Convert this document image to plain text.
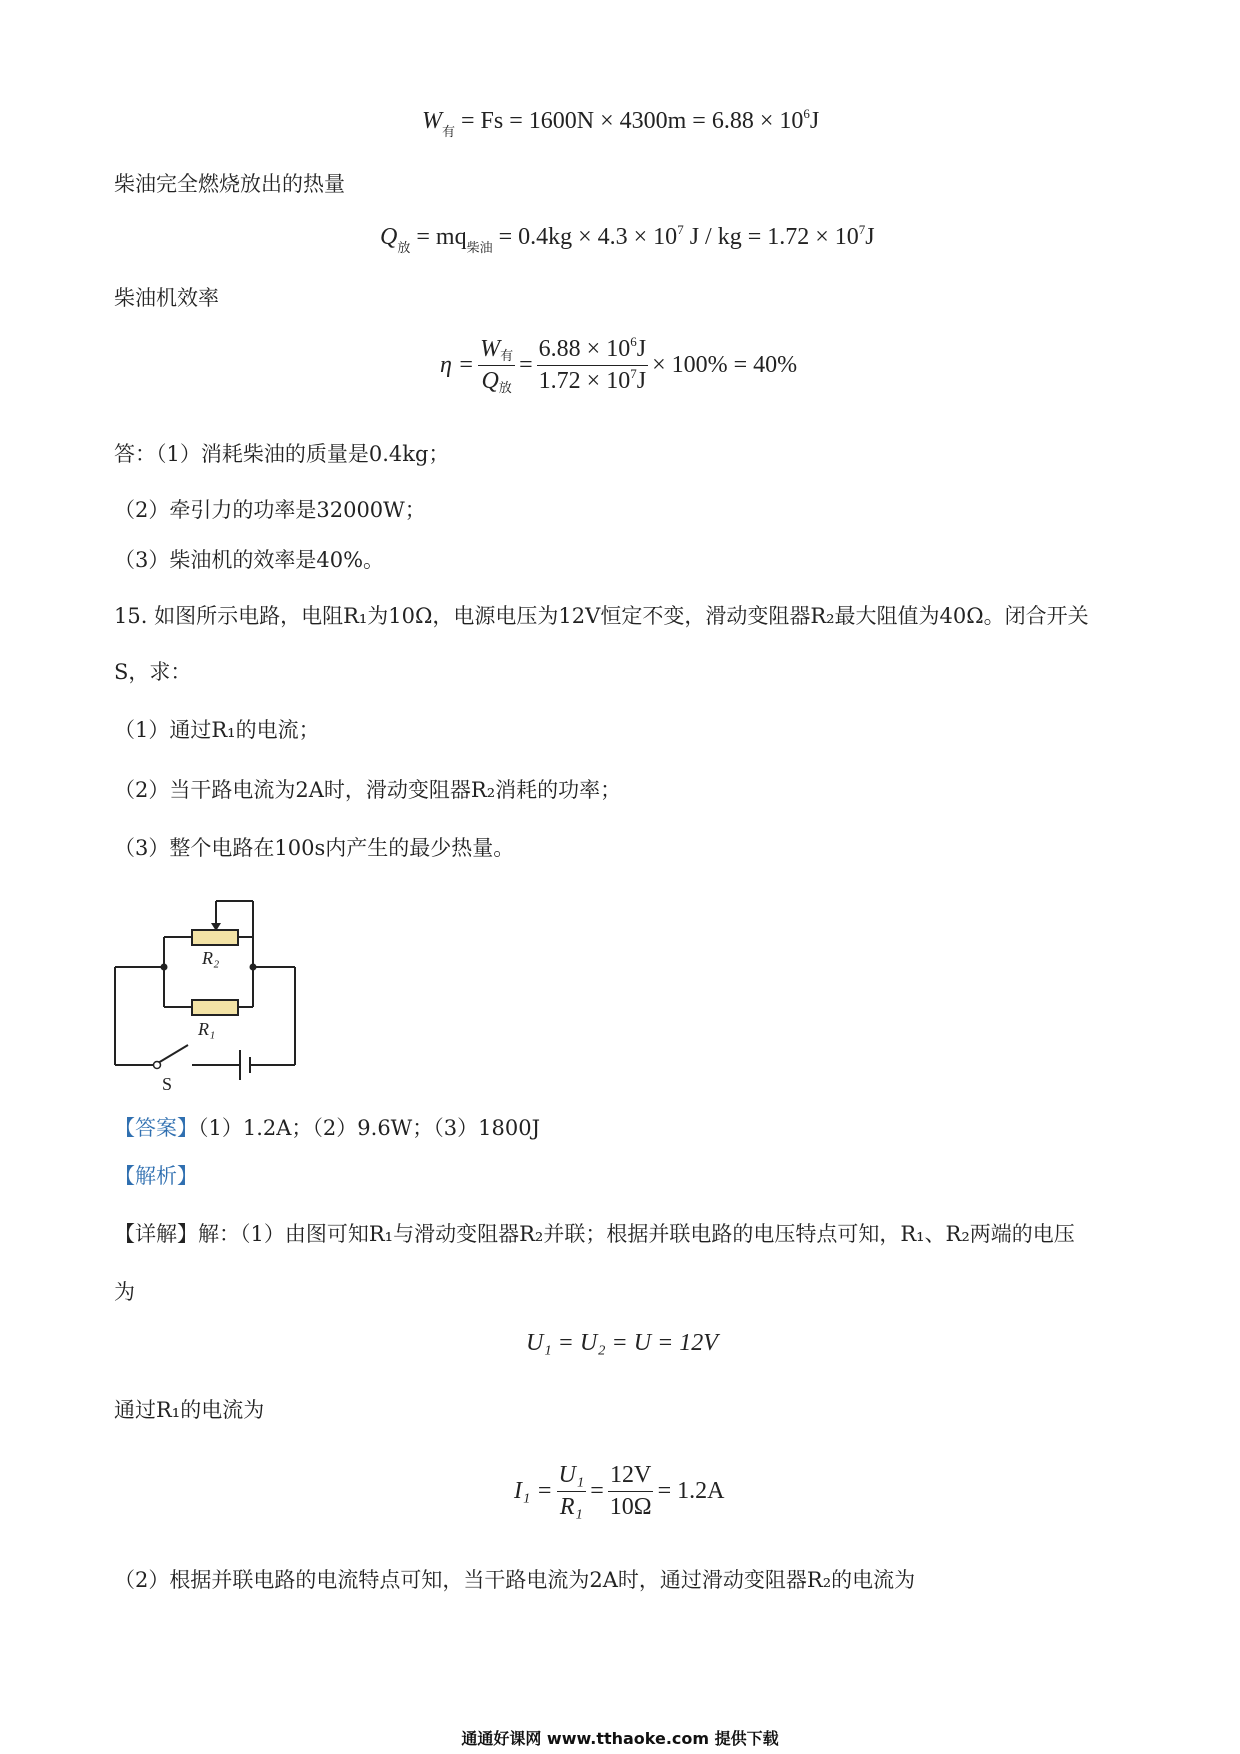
$W_有 = Fs = 1600N \times 4300m = 6.88 \times 10^6J$
柴油完全燃烧放出的热量
$Q_放 = mq_{柴油} = 0.4kg \times 4.3 \times 10^7$ J / kg = $1.72 \times 10^7J$
柴油机效率
$\eta = \frac{\text{W有}}{\text{Q放}} = \frac{6.88 \times 10^6J}{1.72 \times 10^7J} \times 100\% = 40\%$
答：（1）消耗柴油的质量是0.4kg；
（2）牵引力的功率是32000W；
（3）柴油机的效率是40%。
15. 如图所示电路，电阻R₁为10Ω，电源电压为12V恒定不变，滑动变阻器R₂最大阻值为40Ω。闭合开关
S，求：
（1）通过R₁的电流；
（2）当干路电流为2A时，滑动变阻器R₂消耗的功率；
（3）整个电路在100s内产生的最少热量。
R₂
R₁
S
【答案】（1）1.2A；（2）9.6W；（3）1800J
【解析】
【详解】解：（1）由图可知R₁与滑动变阻器R₂并联；根据并联电路的电压特点可知，R₁、R₂两端的电压
为
U₁ = U₂ = U = 12V
通过R₁的电流为
$I_1 = \frac{\text{U₁}}{\text{R₁}} = \frac{12V}{10\Omega} = 1.2A$
（2）根据并联电路的电流特点可知，当干路电流为2A时，通过滑动变阻器R₂的电流为
通通好课网 www.tthaoke.com 提供下载
